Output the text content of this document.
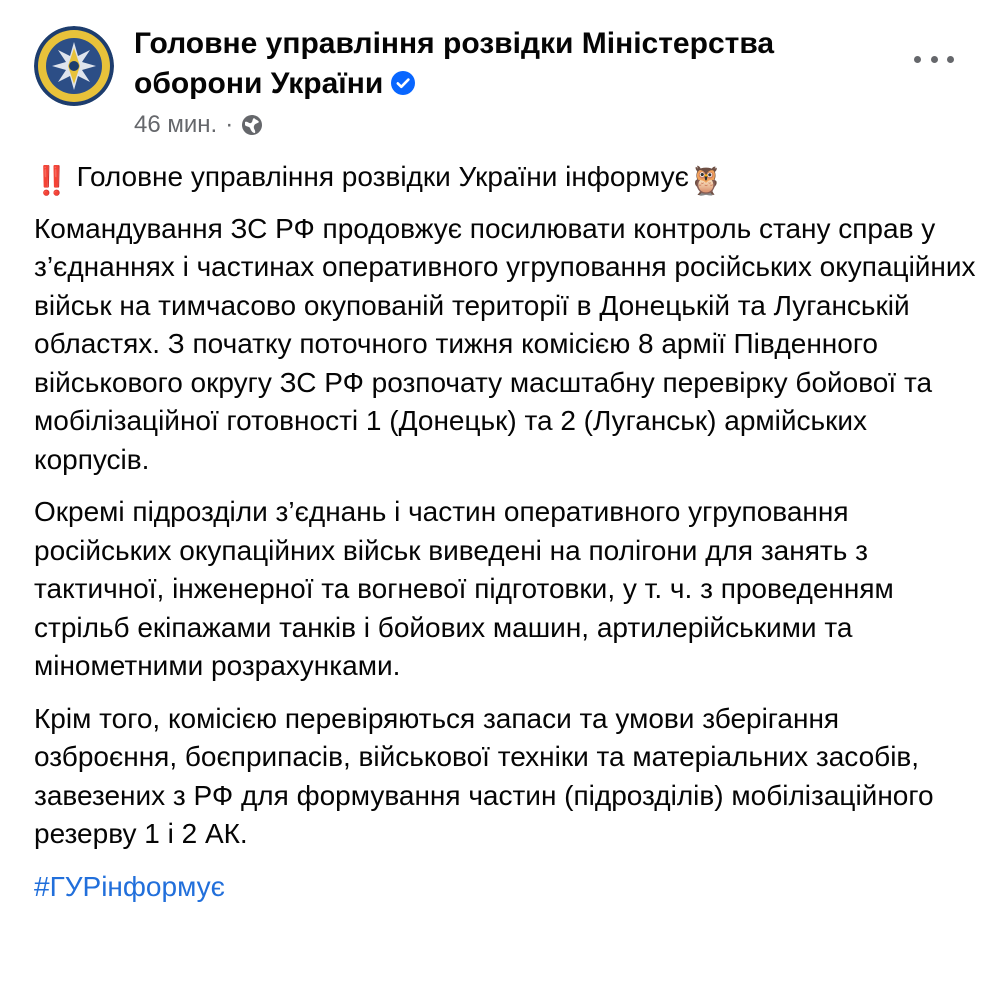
Головне управління розвідки Міністерства оборони України
46 мин. ·

‼️ Головне управління розвідки України інформує🦉

Командування ЗС РФ продовжує посилювати контроль стану справ у з’єднаннях і частинах оперативного угруповання російських окупаційних військ на тимчасово окупованій території в Донецькій та Луганській областях. З початку поточного тижня комісією 8 армії Південного військового округу ЗС РФ розпочату масштабну перевірку бойової та мобілізаційної готовності 1 (Донецьк) та 2 (Луганськ) армійських корпусів.

Окремі підрозділи з’єднань і частин оперативного угруповання російських окупаційних військ виведені на полігони для занять з тактичної, інженерної та вогневої підготовки, у т. ч. з проведенням стрільб екіпажами танків і бойових машин, артилерійськими та мінометними розрахунками.

Крім того, комісією перевіряються запаси та умови зберігання озброєння, боєприпасів, військової техніки та матеріальних засобів, завезених з РФ для формування частин (підрозділів) мобілізаційного резерву 1 і 2 АК.

#ГУРінформує
